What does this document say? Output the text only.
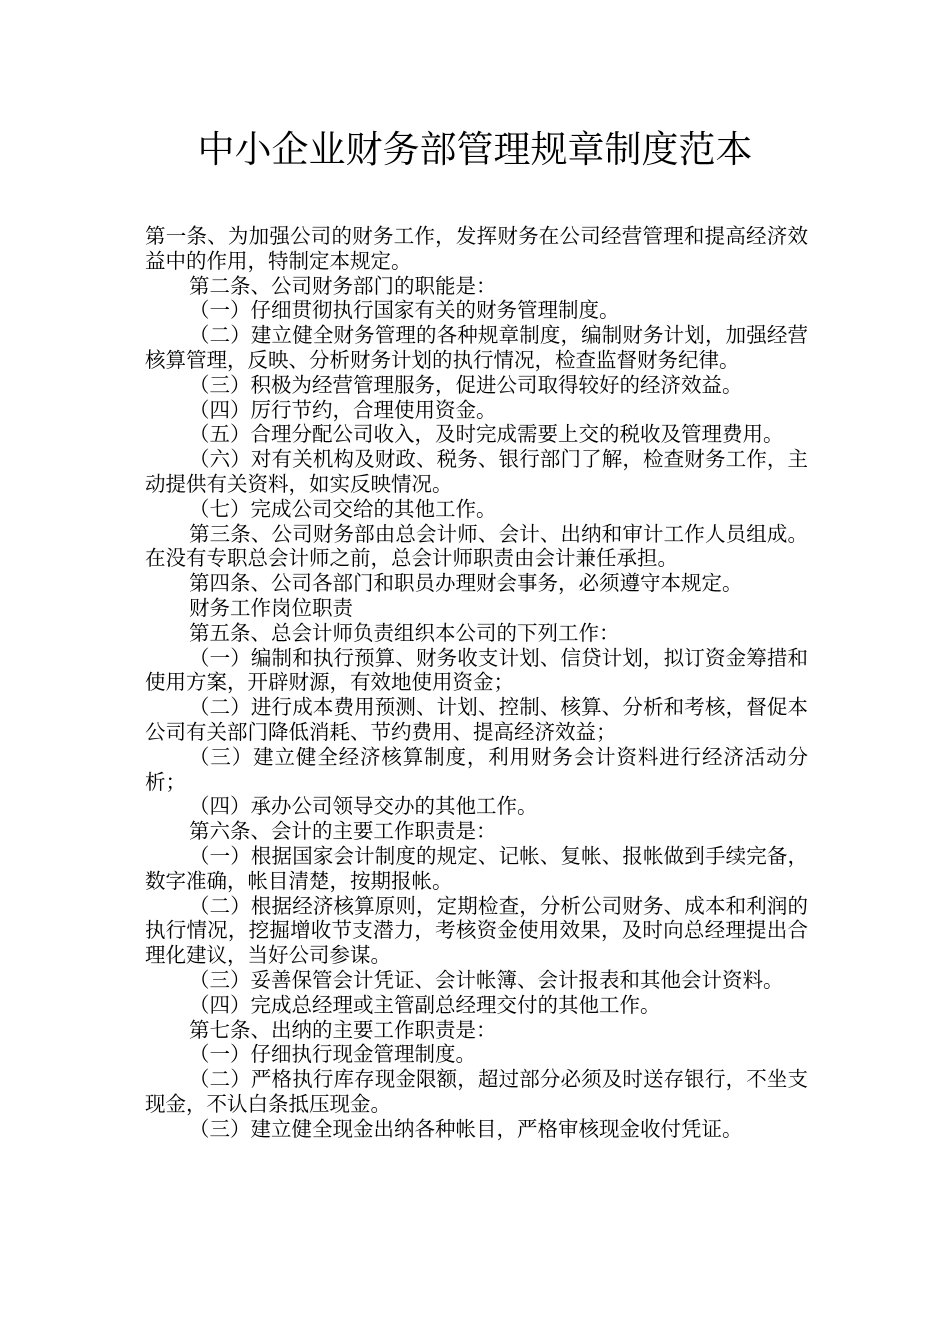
中小企业财务部管理规章制度范本

第一条、为加强公司的财务工作，发挥财务在公司经营管理和提高经济效益中的作用，特制定本规定。

第二条、公司财务部门的职能是：

（一）仔细贯彻执行国家有关的财务管理制度。

（二）建立健全财务管理的各种规章制度，编制财务计划，加强经营核算管理，反映、分析财务计划的执行情况，检查监督财务纪律。

（三）积极为经营管理服务，促进公司取得较好的经济效益。

（四）厉行节约，合理使用资金。

（五）合理分配公司收入，及时完成需要上交的税收及管理费用。

（六）对有关机构及财政、税务、银行部门了解，检查财务工作，主动提供有关资料，如实反映情况。

（七）完成公司交给的其他工作。

第三条、公司财务部由总会计师、会计、出纳和审计工作人员组成。在没有专职总会计师之前，总会计师职责由会计兼任承担。

第四条、公司各部门和职员办理财会事务，必须遵守本规定。

财务工作岗位职责

第五条、总会计师负责组织本公司的下列工作：

（一）编制和执行预算、财务收支计划、信贷计划，拟订资金筹措和使用方案，开辟财源，有效地使用资金；

（二）进行成本费用预测、计划、控制、核算、分析和考核，督促本公司有关部门降低消耗、节约费用、提高经济效益；

（三）建立健全经济核算制度，利用财务会计资料进行经济活动分析；

（四）承办公司领导交办的其他工作。

第六条、会计的主要工作职责是：

（一）根据国家会计制度的规定、记帐、复帐、报帐做到手续完备，数字准确，帐目清楚，按期报帐。

（二）根据经济核算原则，定期检查，分析公司财务、成本和利润的执行情况，挖掘增收节支潜力，考核资金使用效果，及时向总经理提出合理化建议，当好公司参谋。

（三）妥善保管会计凭证、会计帐簿、会计报表和其他会计资料。

（四）完成总经理或主管副总经理交付的其他工作。

第七条、出纳的主要工作职责是：

（一）仔细执行现金管理制度。

（二）严格执行库存现金限额，超过部分必须及时送存银行，不坐支现金，不认白条抵压现金。

（三）建立健全现金出纳各种帐目，严格审核现金收付凭证。
